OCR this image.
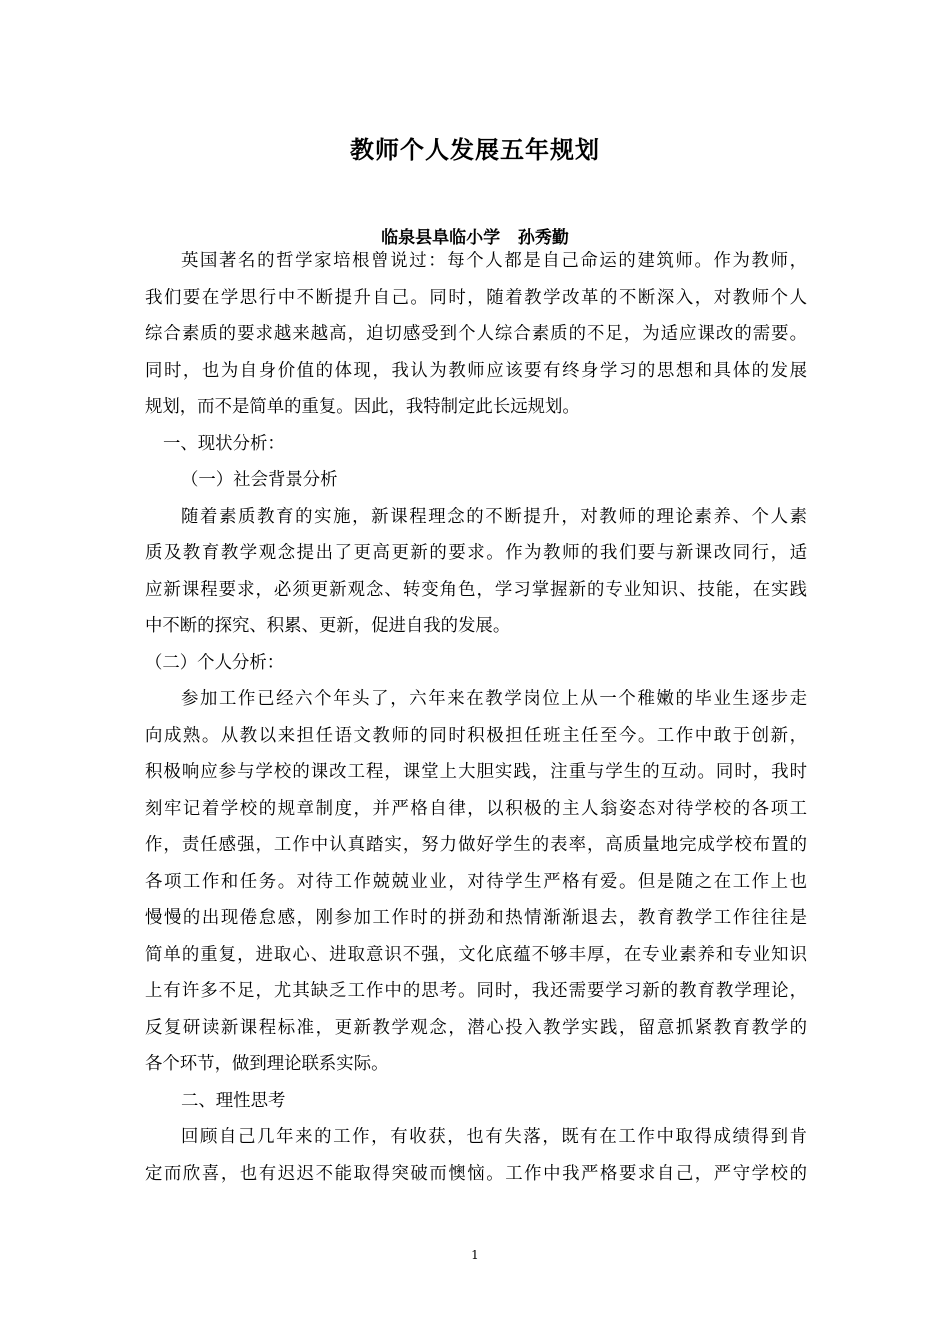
教师个人发展五年规划
临泉县阜临小学   孙秀勤
英国著名的哲学家培根曾说过：每个人都是自己命运的建筑师。作为教师，
我们要在学思行中不断提升自己。同时，随着教学改革的不断深入，对教师个人
综合素质的要求越来越高，迫切感受到个人综合素质的不足，为适应课改的需要。
同时，也为自身价值的体现，我认为教师应该要有终身学习的思想和具体的发展
规划，而不是简单的重复。因此，我特制定此长远规划。
一、现状分析：
（一）社会背景分析
随着素质教育的实施，新课程理念的不断提升，对教师的理论素养、个人素
质及教育教学观念提出了更高更新的要求。作为教师的我们要与新课改同行，适
应新课程要求，必须更新观念、转变角色，学习掌握新的专业知识、技能，在实践
中不断的探究、积累、更新，促进自我的发展。
（二）个人分析：
参加工作已经六个年头了，六年来在教学岗位上从一个稚嫩的毕业生逐步走
向成熟。从教以来担任语文教师的同时积极担任班主任至今。工作中敢于创新，
积极响应参与学校的课改工程，课堂上大胆实践，注重与学生的互动。同时，我时
刻牢记着学校的规章制度，并严格自律，以积极的主人翁姿态对待学校的各项工
作，责任感强，工作中认真踏实，努力做好学生的表率，高质量地完成学校布置的
各项工作和任务。对待工作兢兢业业，对待学生严格有爱。但是随之在工作上也
慢慢的出现倦怠感，刚参加工作时的拼劲和热情渐渐退去，教育教学工作往往是
简单的重复，进取心、进取意识不强，文化底蕴不够丰厚，在专业素养和专业知识
上有许多不足，尤其缺乏工作中的思考。同时，我还需要学习新的教育教学理论，
反复研读新课程标准，更新教学观念，潜心投入教学实践，留意抓紧教育教学的
各个环节，做到理论联系实际。
二、理性思考
回顾自己几年来的工作，有收获，也有失落，既有在工作中取得成绩得到肯
定而欣喜，也有迟迟不能取得突破而懊恼。工作中我严格要求自己，严守学校的
1
